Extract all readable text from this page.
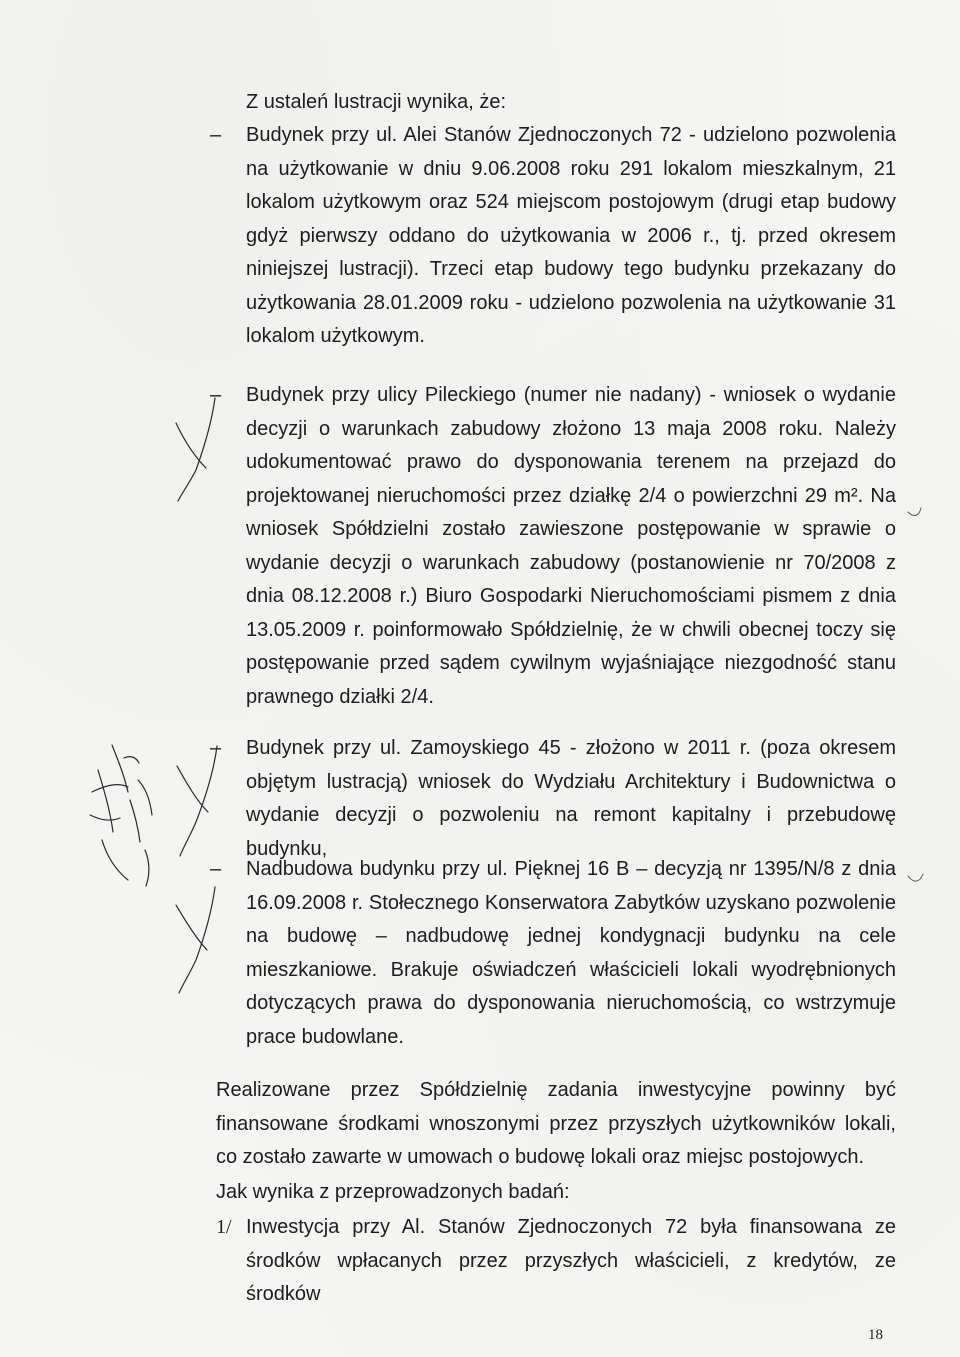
Z ustaleń lustracji wynika, że:

– Budynek przy ul. Alei Stanów Zjednoczonych 72 - udzielono pozwolenia na użytkowanie w dniu 9.06.2008 roku 291 lokalom mieszkalnym, 21 lokalom użytkowym oraz 524 miejscom postojowym (drugi etap budowy gdyż pierwszy oddano do użytkowania w 2006 r., tj. przed okresem niniejszej lustracji). Trzeci etap budowy tego budynku przekazany do użytkowania 28.01.2009 roku - udzielono pozwolenia na użytkowanie 31 lokalom użytkowym.

– Budynek przy ulicy Pileckiego (numer nie nadany) - wniosek o wydanie decyzji o warunkach zabudowy złożono 13 maja 2008 roku. Należy udokumentować prawo do dysponowania terenem na przejazd do projektowanej nieruchomości przez działkę 2/4 o powierzchni 29 m². Na wniosek Spółdzielni zostało zawieszone postępowanie w sprawie o wydanie decyzji o warunkach zabudowy (postanowienie nr 70/2008 z dnia 08.12.2008 r.) Biuro Gospodarki Nieruchomościami pismem z dnia 13.05.2009 r. poinformowało Spółdzielnię, że w chwili obecnej toczy się postępowanie przed sądem cywilnym wyjaśniające niezgodność stanu prawnego działki 2/4.

– Budynek przy ul. Zamoyskiego 45 - złożono w 2011 r. (poza okresem objętym lustracją) wniosek do Wydziału Architektury i Budownictwa o wydanie decyzji o pozwoleniu na remont kapitalny i przebudowę budynku,

– Nadbudowa budynku przy ul. Pięknej 16 B – decyzją nr 1395/N/8 z dnia 16.09.2008 r. Stołecznego Konserwatora Zabytków uzyskano pozwolenie na budowę – nadbudowę jednej kondygnacji budynku na cele mieszkaniowe. Brakuje oświadczeń właścicieli lokali wyodrębnionych dotyczących prawa do dysponowania nieruchomością, co wstrzymuje prace budowlane.

Realizowane przez Spółdzielnię zadania inwestycyjne powinny być finansowane środkami wnoszonymi przez przyszłych użytkowników lokali, co zostało zawarte w umowach o budowę lokali oraz miejsc postojowych.

Jak wynika z przeprowadzonych badań:

1/ Inwestycja przy Al. Stanów Zjednoczonych 72 była finansowana ze środków wpłacanych przez przyszłych właścicieli, z kredytów, ze środków

18
